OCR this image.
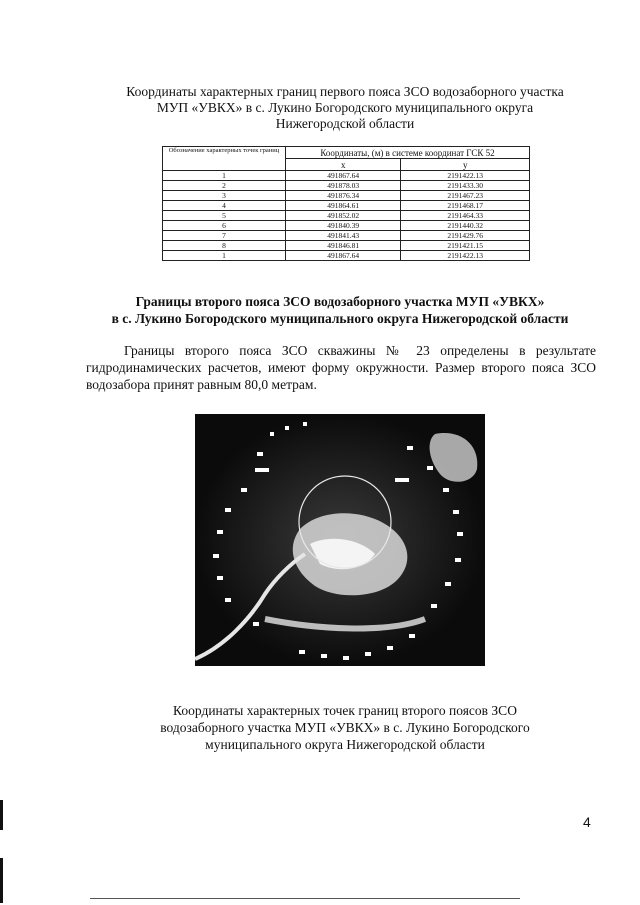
Координаты характерных границ первого пояса ЗСО водозаборного участка
МУП «УВКХ» в с. Лукино Богородского муниципального округа
Нижегородской области
Обозначение характерных точек границ	Координаты, (м) в системе координат ГСК 52	
	x	y
1	491867.64	2191422.13
2	491878.03	2191433.30
3	491876.34	2191467.23
4	491864.61	2191468.17
5	491852.02	2191464.33
6	491840.39	2191440.32
7	491841.43	2191429.76
8	491846.81	2191421.15
1	491867.64	2191422.13
Границы второго пояса ЗСО водозаборного участка МУП «УВКХ»
в с. Лукино Богородского муниципального округа Нижегородской области
Границы второго пояса ЗСО скважины № 23 определены в результате гидродинамических расчетов, имеют форму окружности. Размер второго пояса ЗСО водозабора принят равным 80,0 метрам.
Координаты характерных точек границ второго поясов ЗСО
водозаборного участка МУП «УВКХ» в с. Лукино Богородского
муниципального округа Нижегородской области
4
